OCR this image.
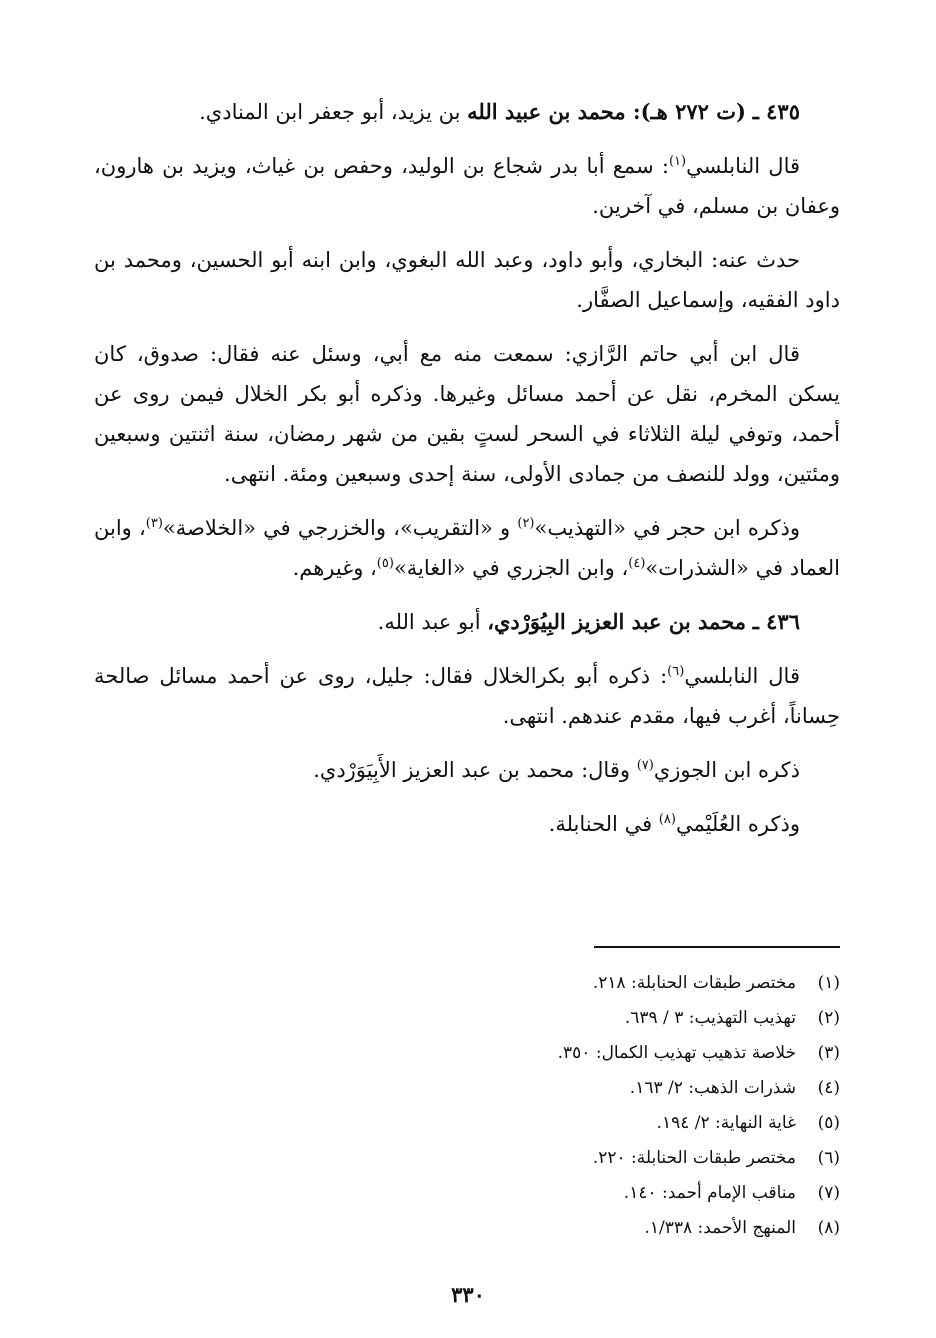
٤٣٥ ـ (ت ٢٧٢ هـ): محمد بن عبيد الله بن يزيد، أبو جعفر ابن المنادي.

قال النابلسي$^{(١)}$: سمع أبا بدر شجاع بن الوليد، وحفص بن غياث، ويزيد بن هارون، وعفان بن مسلم، في آخرين.

حدث عنه: البخاري، وأبو داود، وعبد الله البغوي، وابن ابنه أبو الحسين، ومحمد بن داود الفقيه، وإسماعيل الصفَّار.

قال ابن أبي حاتم الرَّازي: سمعت منه مع أبي، وسئل عنه فقال: صدوق، كان يسكن المخرم، نقل عن أحمد مسائل وغيرها. وذكره أبو بكر الخلال فيمن روى عن أحمد، وتوفي ليلة الثلاثاء في السحر لستٍ بقين من شهر رمضان، سنة اثنتين وسبعين ومئتين، وولد للنصف من جمادى الأولى، سنة إحدى وسبعين ومئة. انتهى.

وذكره ابن حجر في «التهذيب»$^{(٢)}$ و «التقريب»، والخزرجي في «الخلاصة»$^{(٣)}$، وابن العماد في «الشذرات»$^{(٤)}$، وابن الجزري في «الغاية»$^{(٥)}$، وغيرهم.

٤٣٦ ـ محمد بن عبد العزيز البِيُوَرْدي، أبو عبد الله.

قال النابلسي$^{(٦)}$: ذكره أبو بكرالخلال فقال: جليل، روى عن أحمد مسائل صالحة حِساناً، أغرب فيها، مقدم عندهم. انتهى.

ذكره ابن الجوزي$^{(٧)}$ وقال: محمد بن عبد العزيز الأَبِيَوَرْدي.

وذكره العُلَيْمي$^{(٨)}$ في الحنابلة.

(١)
مختصر طبقات الحنابلة: ٢١٨.
(٢)
تهذيب التهذيب: ٣ / ٦٣٩.
(٣)
خلاصة تذهيب تهذيب الكمال: ٣٥٠.
(٤)
شذرات الذهب: ٢/ ١٦٣.
(٥)
غاية النهاية: ٢/ ١٩٤.
(٦)
مختصر طبقات الحنابلة: ٢٢٠.
(٧)
مناقب الإمام أحمد: ١٤٠.
(٨)
المنهج الأحمد: ١/٣٣٨.
٣٣٠
